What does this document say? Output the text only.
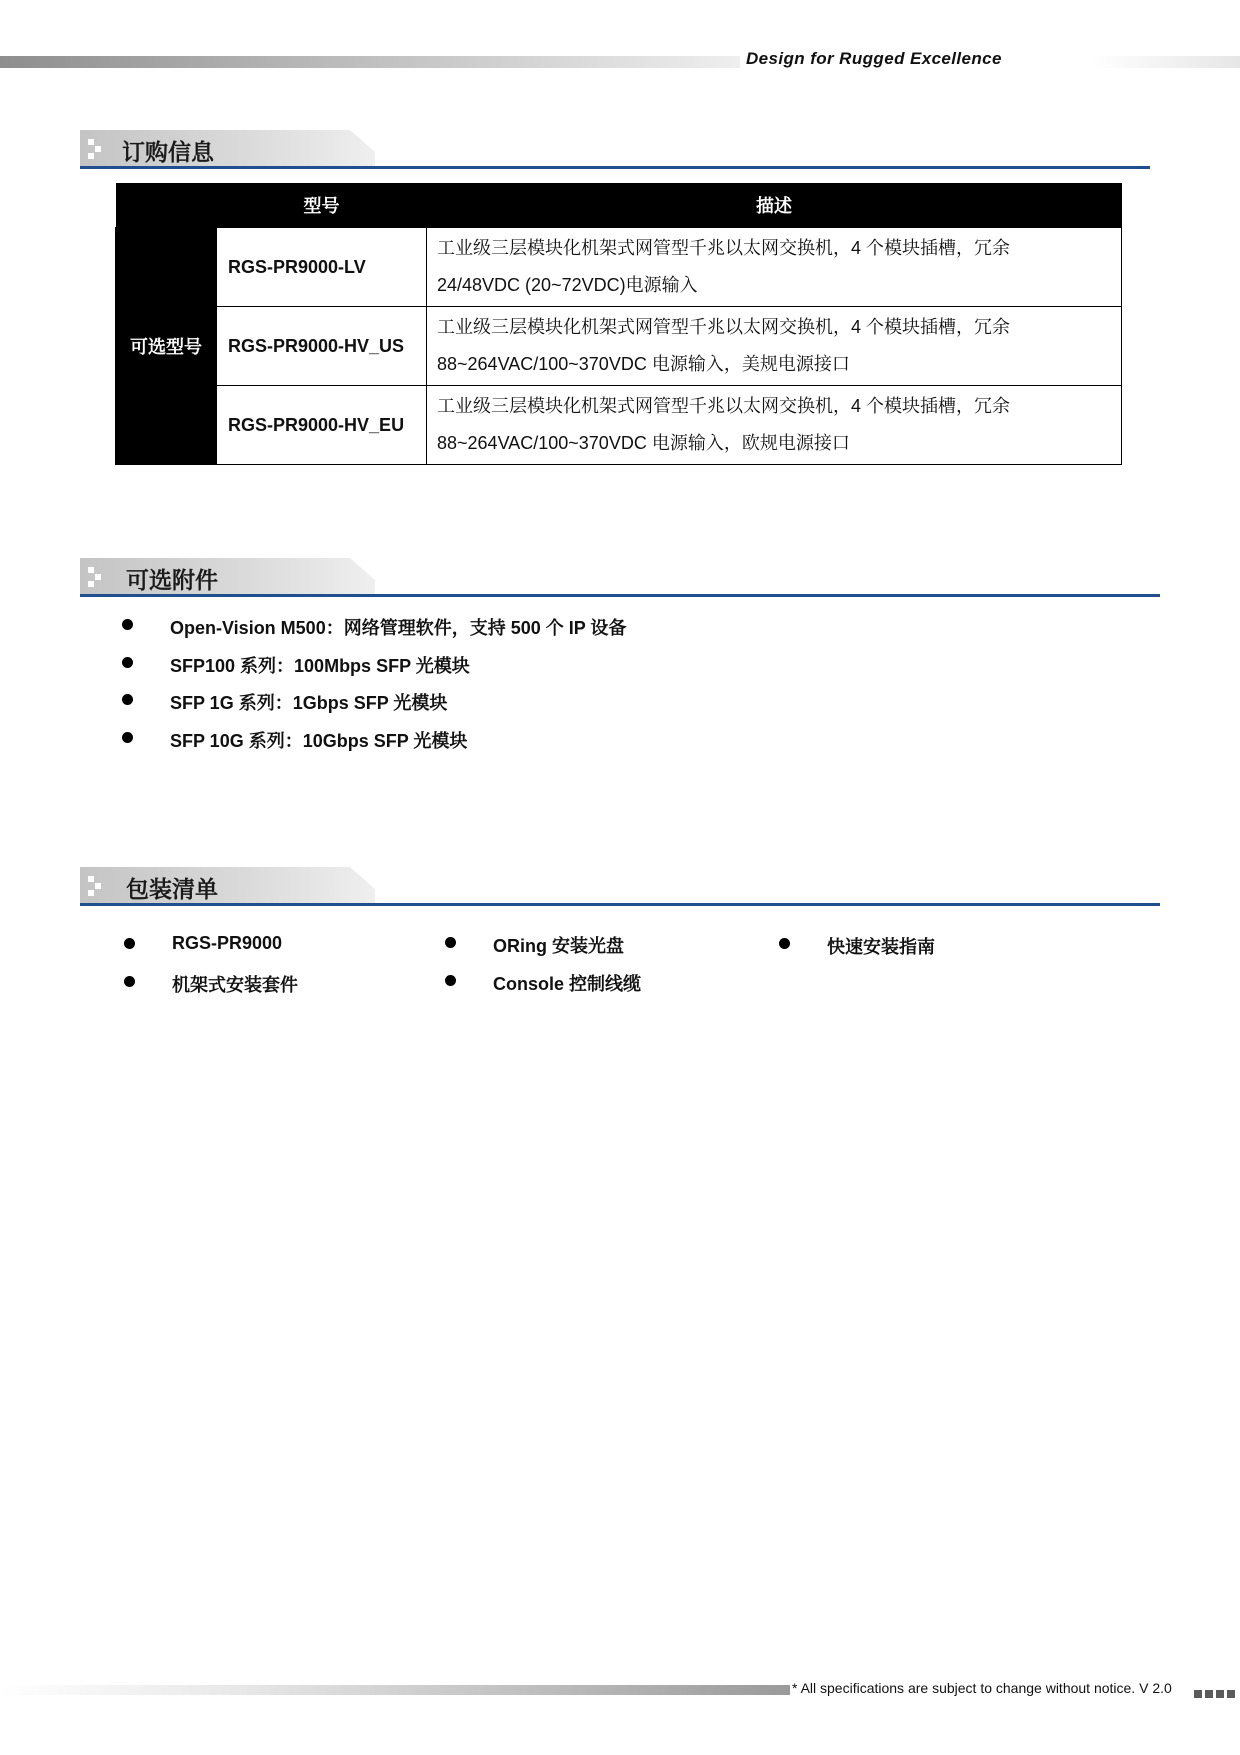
Design for Rugged Excellence
订购信息
	型号	描述
可选型号	RGS-PR9000-LV	工业级三层模块化机架式网管型千兆以太网交换机，4 个模块插槽，冗余
24/48VDC (20~72VDC)电源输入

	RGS-PR9000-HV_US	工业级三层模块化机架式网管型千兆以太网交换机，4 个模块插槽，冗余
88~264VAC/100~370VDC 电源输入，美规电源接口

	RGS-PR9000-HV_EU	工业级三层模块化机架式网管型千兆以太网交换机，4 个模块插槽，冗余
88~264VAC/100~370VDC 电源输入，欧规电源接口
可选附件
Open-Vision M500：网络管理软件，支持 500 个 IP 设备
SFP100 系列：100Mbps SFP 光模块
SFP 1G 系列：1Gbps SFP 光模块
SFP 10G 系列：10Gbps SFP 光模块
包装清单
RGS-PR9000
机架式安装套件
ORing 安装光盘
Console 控制线缆
快速安装指南
* All specifications are subject to change without notice. V 2.0
